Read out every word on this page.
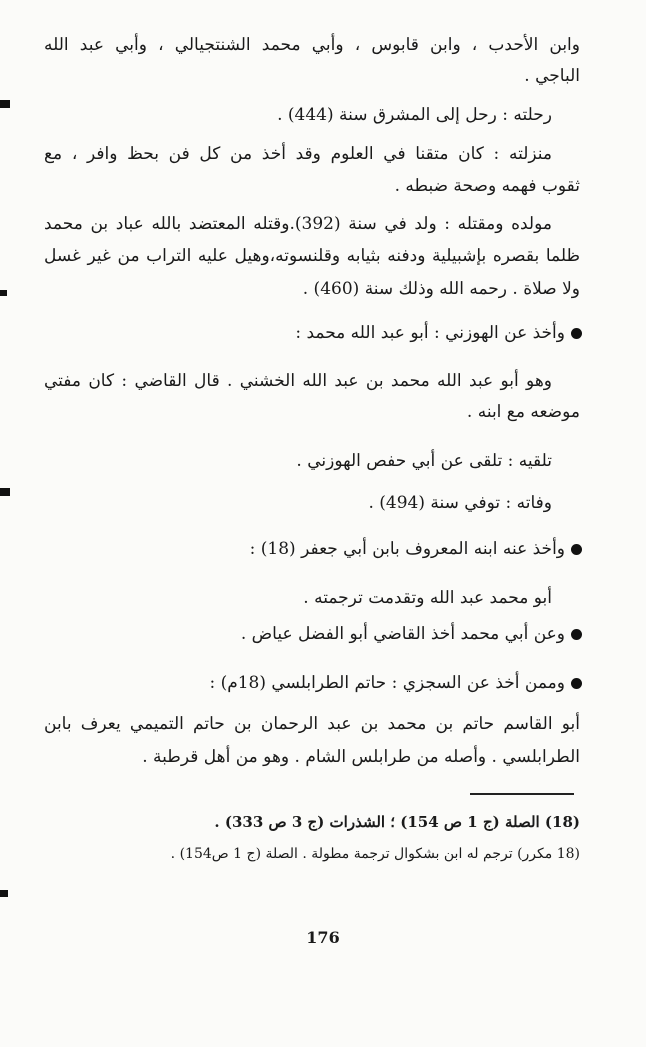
وابن الأحدب ، وابن قابوس ، وأبي محمد الشنتجيالي ، وأبي عبد الله
الباجي .
رحلته : رحل إلى المشرق سنة (444) .
منزلته : كان متقنا في العلوم وقد أخذ من كل فن بحظ وافر ، مع
ثقوب فهمه وصحة ضبطه .
مولده ومقتله : ولد في سنة (392).وقتله المعتضد بالله عباد بن محمد
ظلما بقصره بإشبيلية ودفنه بثيابه وقلنسوته،وهيل عليه التراب من غير غسل
ولا صلاة . رحمه الله وذلك سنة (460) .
وأخذ عن الهوزني : أبو عبد الله محمد :
وهو أبو عبد الله محمد بن عبد الله الخشني . قال القاضي : كان مفتي
موضعه مع ابنه .
تلقيه : تلقى عن أبي حفص الهوزني .
وفاته : توفي سنة (494) .
وأخذ عنه ابنه المعروف بابن أبي جعفر (18) :
أبو محمد عبد الله وتقدمت ترجمته .
وعن أبي محمد أخذ القاضي أبو الفضل عياض .
وممن أخذ عن السجزي : حاتم الطرابلسي (18م) :
أبو القاسم حاتم بن محمد بن عبد الرحمان بن حاتم التميمي يعرف بابن
الطرابلسي . وأصله من طرابلس الشام . وهو من أهل قرطبة .
(18) الصلة (ج 1 ص 154) ؛ الشذرات (ج 3 ص 333) .
(18 مكرر) ترجم له ابن بشكوال ترجمة مطولة . الصلة (ج 1 ص154) .
176
